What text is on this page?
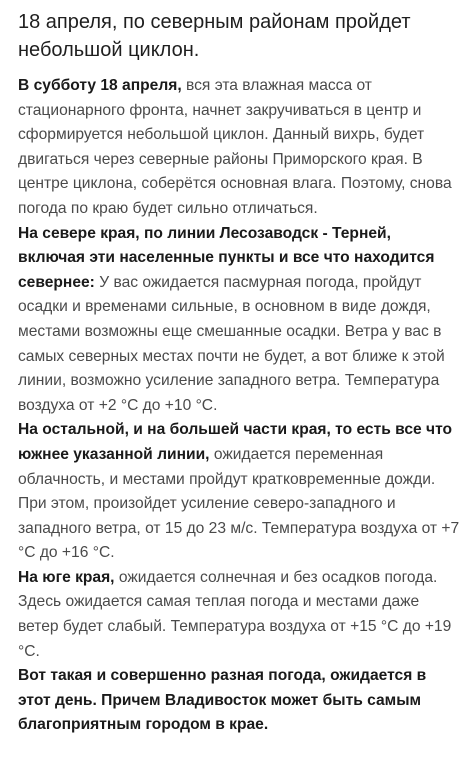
18 апреля, по северным районам пройдет небольшой циклон.

В субботу 18 апреля, вся эта влажная масса от стационарного фронта, начнет закручиваться в центр и сформируется небольшой циклон. Данный вихрь, будет двигаться через северные районы Приморского края. В центре циклона, соберётся основная влага. Поэтому, снова погода по краю будет сильно отличаться.

На севере края, по линии Лесозаводск - Терней, включая эти населенные пункты и все что находится севернее: У вас ожидается пасмурная погода, пройдут осадки и временами сильные, в основном в виде дождя, местами возможны еще смешанные осадки. Ветра у вас в самых северных местах почти не будет, а вот ближе к этой линии, возможно усиление западного ветра. Температура воздуха от +2 °С до +10 °С.

На остальной, и на большей части края, то есть все что южнее указанной линии, ожидается переменная облачность, и местами пройдут кратковременные дожди. При этом, произойдет усиление северо-западного и западного ветра, от 15 до 23 м/с. Температура воздуха от +7 °С до +16 °С.

На юге края, ожидается солнечная и без осадков погода. Здесь ожидается самая теплая погода и местами даже ветер будет слабый. Температура воздуха от +15 °С до +19 °С.

Вот такая и совершенно разная погода, ожидается в этот день. Причем Владивосток может быть самым благоприятным городом в крае.
